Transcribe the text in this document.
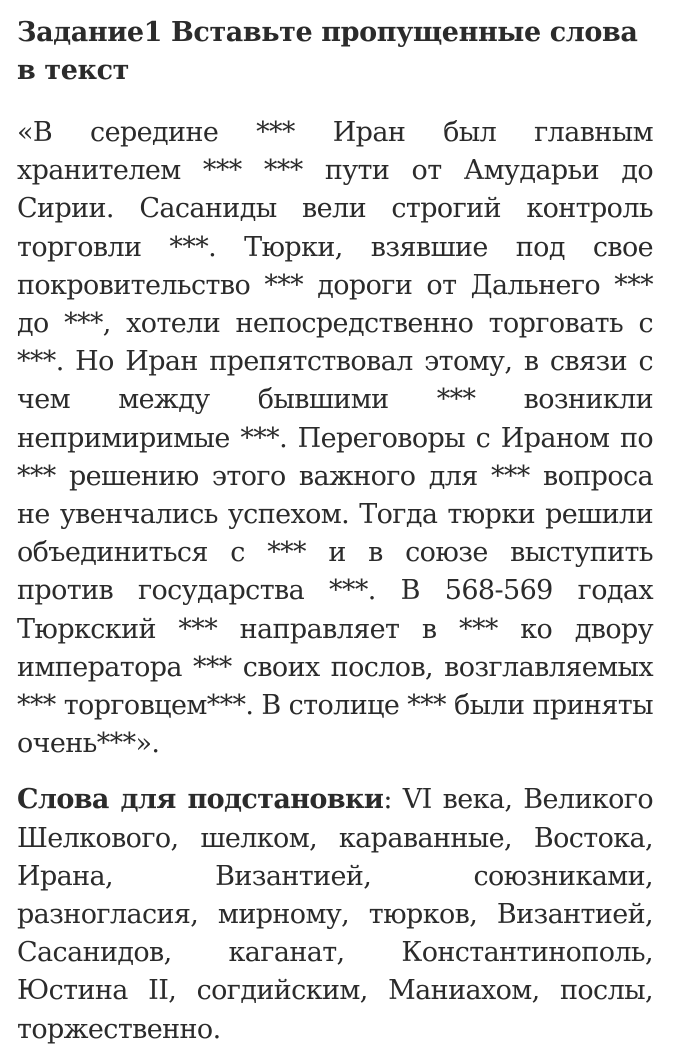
Задание1 Вставьте пропущенные слова в текст

«В середине *** Иран был главным хранителем *** *** пути от Амударьи до Сирии. Сасаниды вели строгий контроль торговли ***. Тюрки, взявшие под свое покровительство *** дороги от Дальнего *** до ***, хотели непосредственно торговать с ***. Но Иран препятствовал этому, в связи с чем между бывшими *** возникли непримиримые ***. Переговоры с Ираном по *** решению этого важного для *** вопроса не увенчались успехом. Тогда тюрки решили объединиться с *** и в союзе выступить против государства ***. В 568-569 годах Тюркский *** направляет в *** ко двору императора *** своих послов, возглавляемых *** торговцем***. В столице *** были приняты очень***».

Слова для подстановки: VI века, Великого Шелкового, шелком, караванные, Востока, Ирана, Византией, союзниками, разногласия, мирному, тюрков, Византией, Сасанидов, каганат, Константинополь, Юстина II, согдийским, Маниахом, послы, торжественно.
